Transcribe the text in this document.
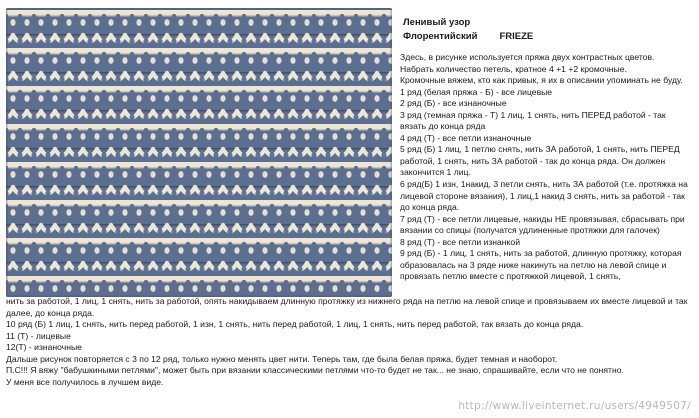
Ленивый узор
Флорентийский FRIEZE

Здесь, в рисунке используется пряжа двух контрастных цветов.

Набрать количество петель, кратное 4 +1 +2 кромочные.

Кромочные вяжем, кто как привык, я их в описании упоминать не буду.

1 ряд (белая пряжа - Б) - все лицевые

2 ряд (Б) - все изнаночные

3 ряд (темная пряжа - Т) 1 лиц, 1 снять, нить ПЕРЕД работой - так вязать до конца ряда

4 ряд (Т) - все петли изнаночные

5 ряд (Б) 1 лиц, 1 петлю снять, нить ЗА работой, 1 снять, нить ПЕРЕД работой, 1 снять, нить ЗА работой - так до конца ряда. Он должен закончится 1 лиц.

6 ряд(Б) 1 изн, 1накид, 3 петли снять, нить ЗА работой (т.е. протяжка на лицевой стороне вязания), 1 лиц,1 накид 3 снять, нить за работой - так до конца ряда.

7 ряд (Т) - все петли лицевые, накиды НЕ провязывая, сбрасывать при вязании со спицы (получатся удлиненные протяжки для галочек)

8 ряд (Т) - все петли изнанкой

9 ряд (Б) - 1 лиц, 1 снять, нить за работой, длинную протяжку, которая образовалась на 3 ряде ниже накинуть на петлю на левой спице и провязать петлю вместе с протяжкой лицевой, 1 снять,

нить за работой, 1 лиц, 1 снять, нить за работой, опять накидываем длинную протяжку из нижнего ряда на петлю на левой спице и провязываем их вместе лицевой и так далее, до конца ряда.

10 ряд (Б) 1 лиц, 1 снять, нить перед работой, 1 изн, 1 снять, нить перед работой, 1 лиц, 1 снять, нить перед работой, так вязать до конца ряда.

11 (Т) - лицевые

12(Т) - изнаночные

Дальше рисунок повторяется с 3 по 12 ряд, только нужно менять цвет нити. Теперь там, где была белая пряжа, будет темная и наоборот.

П.С!!! Я вяжу "бабушкиными петлями", может быть при вязании классическими петлями что-то будет не так... не знаю, спрашивайте, если что не понятно.

У меня все получилось в лучшем виде.

http://www.liveinternet.ru/users/4949507/
